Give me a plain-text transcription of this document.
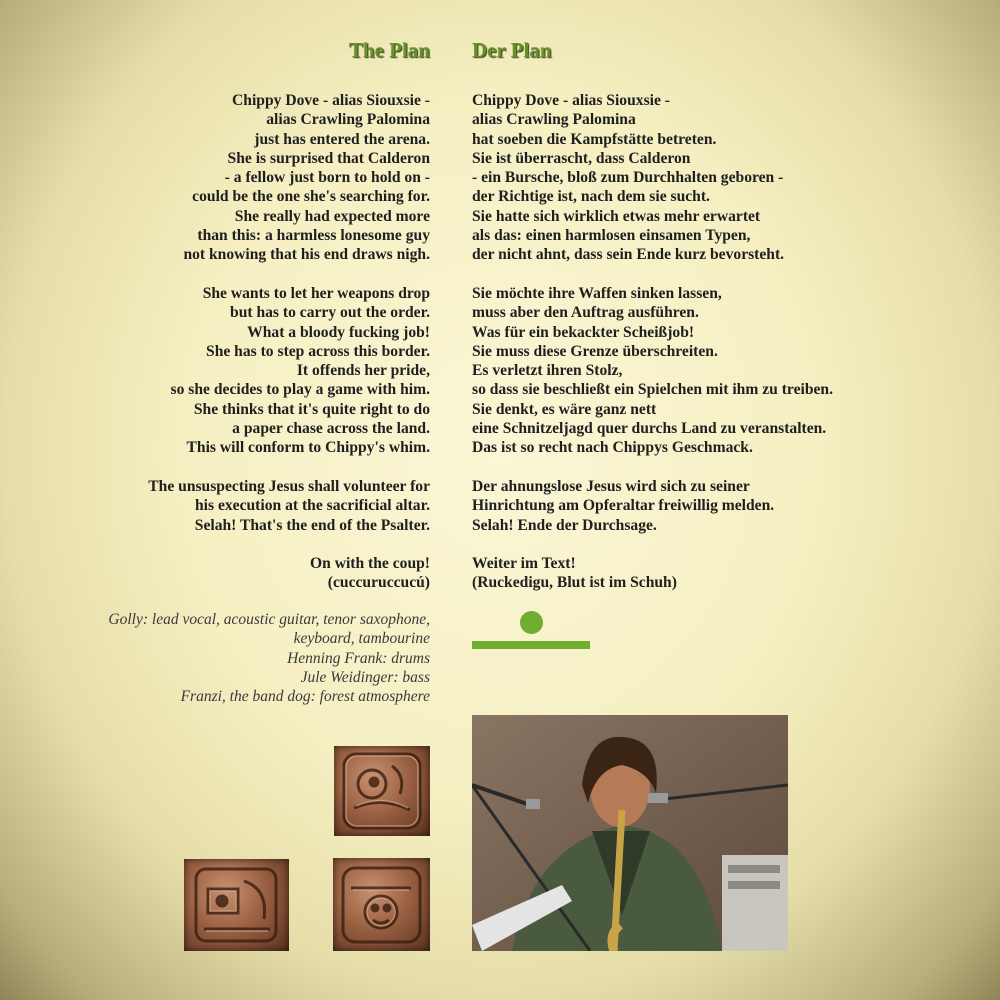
The Plan Der Plan
Chippy Dove - alias Siouxsie -
alias Crawling Palomina
just has entered the arena.
She is surprised that Calderon
- a fellow just born to hold on -
could be the one she's searching for.
She really had expected more
than this: a harmless lonesome guy
not knowing that his end draws nigh.
She wants to let her weapons drop
but has to carry out the order.
What a bloody fucking job!
She has to step across this border.
It offends her pride,
so she decides to play a game with him.
She thinks that it's quite right to do
a paper chase across the land.
This will conform to Chippy's whim.
The unsuspecting Jesus shall volunteer for
his execution at the sacrificial altar.
Selah! That's the end of the Psalter.
On with the coup!
(cuccuruccucú)
Chippy Dove - alias Siouxsie -
alias Crawling Palomina
hat soeben die Kampfstätte betreten.
Sie ist überrascht, dass Calderon
- ein Bursche, bloß zum Durchhalten geboren -
der Richtige ist, nach dem sie sucht.
Sie hatte sich wirklich etwas mehr erwartet
als das: einen harmlosen einsamen Typen,
der nicht ahnt, dass sein Ende kurz bevorsteht.
Sie möchte ihre Waffen sinken lassen,
muss aber den Auftrag ausführen.
Was für ein bekackter Scheißjob!
Sie muss diese Grenze überschreiten.
Es verletzt ihren Stolz,
so dass sie beschließt ein Spielchen mit ihm zu treiben.
Sie denkt, es wäre ganz nett
eine Schnitzeljagd quer durchs Land zu veranstalten.
Das ist so recht nach Chippys Geschmack.
Der ahnungslose Jesus wird sich zu seiner
Hinrichtung am Opferaltar freiwillig melden.
Selah! Ende der Durchsage.
Weiter im Text!
(Ruckedigu, Blut ist im Schuh)
Golly: lead vocal, acoustic guitar, tenor saxophone,
keyboard, tambourine
Henning Frank: drums
Jule Weidinger: bass
Franzi, the band dog: forest atmosphere
